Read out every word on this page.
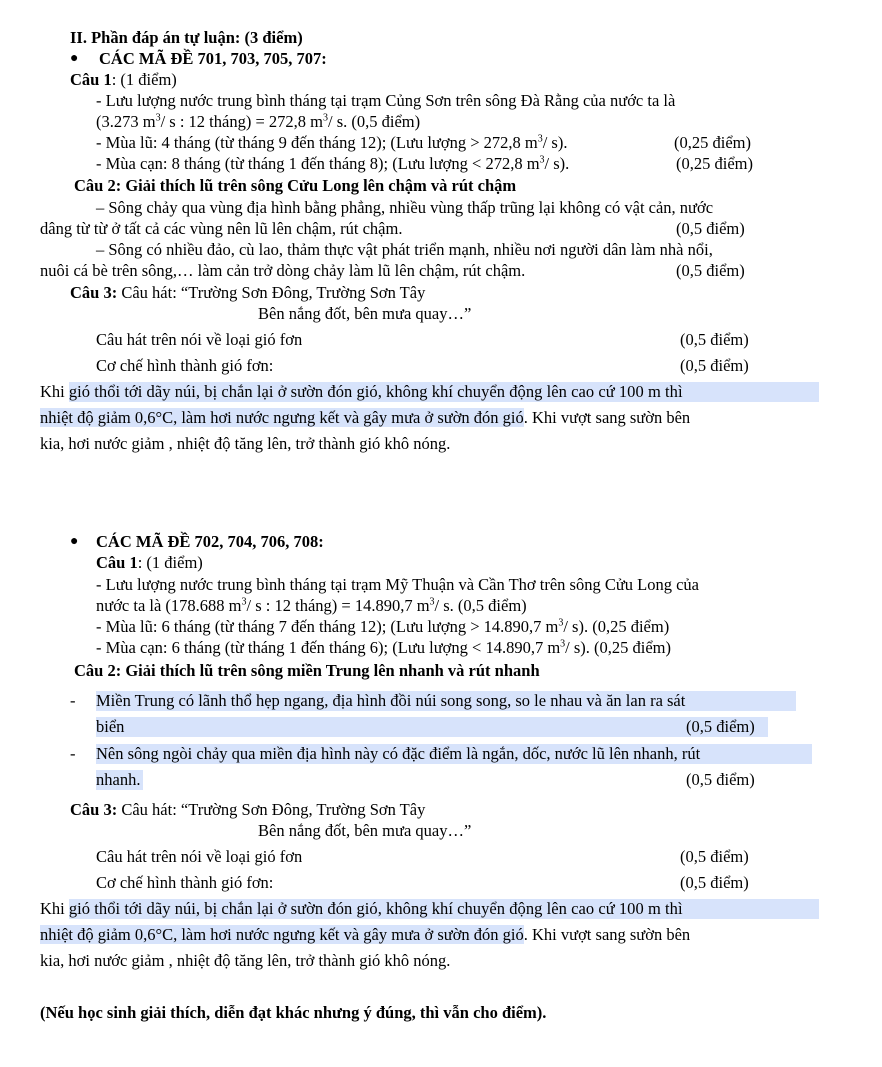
II. Phần đáp án tự luận: (3 điểm)
● CÁC MÃ ĐỀ 701, 703, 705, 707:
Câu 1: (1 điểm)
- Lưu lượng nước trung bình tháng tại trạm Củng Sơn trên sông Đà Rằng của nước ta là
(3.273 $m^3/$ s : 12 tháng) = 272,8 $m^3/$ s. (0,5 điểm)
- Mùa lũ: 4 tháng (từ tháng 9 đến tháng 12); (Lưu lượng > 272,8 $m^3/$ s).	(0,25 điểm)
- Mùa cạn: 8 tháng (từ tháng 1 đến tháng 8); (Lưu lượng < 272,8 $m^3/$ s).	(0,25 điểm)
Câu 2: Giải thích lũ trên sông Cửu Long lên chậm và rút chậm
– Sông chảy qua vùng địa hình bằng phẳng, nhiều vùng thấp trũng lại không có vật cản, nước
dâng từ từ ở tất cả các vùng nên lũ lên chậm, rút chậm.	(0,5 điểm)
– Sông có nhiều đảo, cù lao, thảm thực vật phát triển mạnh, nhiều nơi người dân làm nhà nổi,
nuôi cá bè trên sông,… làm cản trở dòng chảy làm lũ lên chậm, rút chậm.	(0,5 điểm)
Câu 3: Câu hát: “Trường Sơn Đông, Trường Sơn Tây
Bên nắng đốt, bên mưa quay…”
Câu hát trên nói về loại gió fơn	(0,5 điểm)
Cơ chế hình thành gió fơn:	(0,5 điểm)
Khi gió thổi tới dãy núi, bị chắn lại ở sườn đón gió, không khí chuyển động lên cao cứ 100 m thì
nhiệt độ giảm 0,6°C, làm hơi nước ngưng kết và gây mưa ở sườn đón gió. Khi vượt sang sườn bên
kia, hơi nước giảm , nhiệt độ tăng lên, trở thành gió khô nóng.
● CÁC MÃ ĐỀ 702, 704, 706, 708:
Câu 1: (1 điểm)
- Lưu lượng nước trung bình tháng tại trạm Mỹ Thuận và Cần Thơ trên sông Cửu Long của
nước ta là (178.688 $m^3/$ s : 12 tháng) = 14.890,7 $m^3/$ s. (0,5 điểm)
- Mùa lũ: 6 tháng (từ tháng 7 đến tháng 12); (Lưu lượng > 14.890,7 $m^3/$ s). (0,25 điểm)
- Mùa cạn: 6 tháng (từ tháng 1 đến tháng 6); (Lưu lượng < 14.890,7 $m^3/$ s). (0,25 điểm)
Câu 2: Giải thích lũ trên sông miền Trung lên nhanh và rút nhanh
- Miền Trung có lãnh thổ hẹp ngang, địa hình đồi núi song song, so le nhau và ăn lan ra sát
biển	(0,5 điểm)
- Nên sông ngòi chảy qua miền địa hình này có đặc điểm là ngắn, dốc, nước lũ lên nhanh, rút
nhanh.	(0,5 điểm)
Câu 3: Câu hát: “Trường Sơn Đông, Trường Sơn Tây
Bên nắng đốt, bên mưa quay…”
Câu hát trên nói về loại gió fơn	(0,5 điểm)
Cơ chế hình thành gió fơn:	(0,5 điểm)
Khi gió thổi tới dãy núi, bị chắn lại ở sườn đón gió, không khí chuyển động lên cao cứ 100 m thì
nhiệt độ giảm 0,6°C, làm hơi nước ngưng kết và gây mưa ở sườn đón gió. Khi vượt sang sườn bên
kia, hơi nước giảm , nhiệt độ tăng lên, trở thành gió khô nóng.
(Nếu học sinh giải thích, diễn đạt khác nhưng ý đúng, thì vẫn cho điểm).
